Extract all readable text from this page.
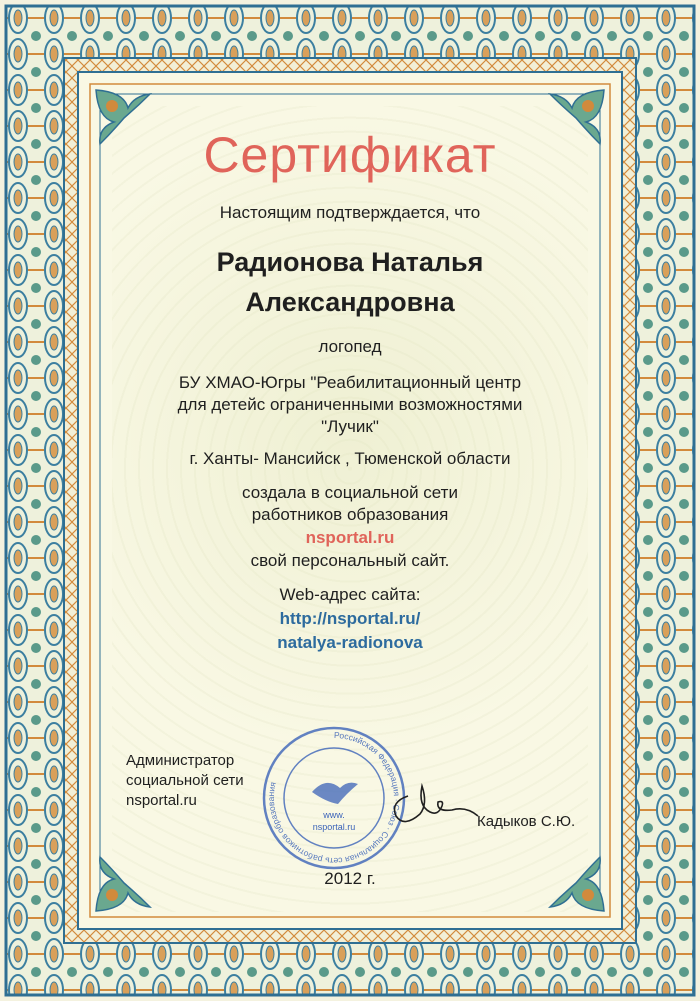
Сертификат
Настоящим подтверждается, что
Радионова Наталья
Александровна
логопед
БУ ХМАО-Югры "Реабилитационный центр
для детейс ограниченными возможностями
"Лучик"
г. Ханты- Мансийск , Тюменской области
создала в социальной сети
работников образования
nsportal.ru
свой персональный сайт.
Web-адрес сайта:
http://nsportal.ru/
natalya-radionova
Администратор
социальной сети
nsportal.ru
Российская Федерация · Союз · Социальная сеть работников образования
www.
nsportal.ru	Кадыков С.Ю.
2012 г.
